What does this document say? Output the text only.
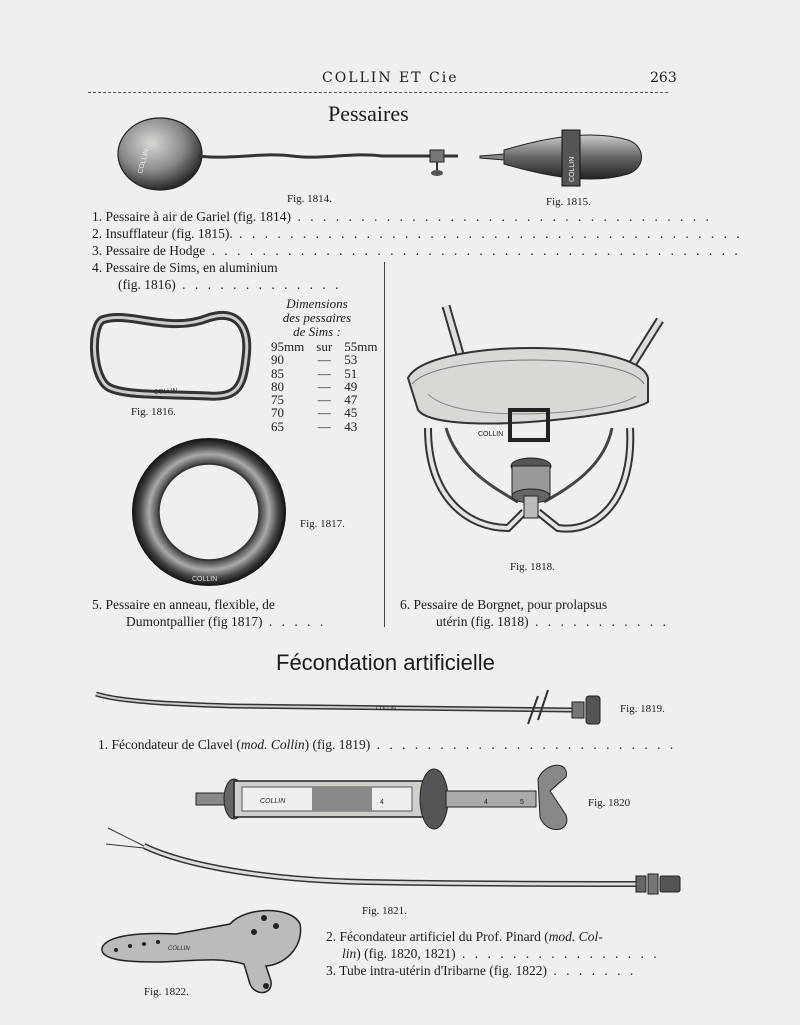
COLLIN ET Cie	263
Pessaires
COLLIN
Fig. 1814.
COLLIN
Fig. 1815.
1. Pessaire à air de Gariel (fig. 1814) . . . . . . . . . . . . . . . . . . . . . . . . . . . . . . . . .
2. Insufflateur (fig. 1815). . . . . . . . . . . . . . . . . . . . . . . . . . . . . . . . . . . . . . . . .
3. Pessaire de Hodge . . . . . . . . . . . . . . . . . . . . . . . . . . . . . . . . . . . . . . . . . .
4. Pessaire de Sims, en aluminium
(fig. 1816) . . . . . . . . . . . . .
COLLIN
Fig. 1816.
Dimensions
des pessaires
de Sims :
95mm	sur	55mm
90	—	53
85	—	51
80	—	49
75	—	47
70	—	45
65	—	43
COLLIN
Fig. 1817.
COLLIN
Fig. 1818.
5. Pessaire en anneau, flexible, de
Dumontpallier (fig 1817) . . . . .
6. Pessaire de Borgnet, pour prolapsus
utérin (fig. 1818) . . . . . . . . . . .
Fécondation artificielle
COLLIN	Fig. 1819.
1. Fécondateur de Clavel (mod. Collin) (fig. 1819) . . . . . . . . . . . . . . . . . . . . . . . .
COLLIN	4	4	5	Fig. 1820
Fig. 1821.
COLLIN
Fig. 1822.
2. Fécondateur artificiel du Prof. Pinard (mod. Col-
lin) (fig. 1820, 1821) . . . . . . . . . . . . . . . .
3. Tube intra-utérin d'Iribarne (fig. 1822) . . . . . . .
